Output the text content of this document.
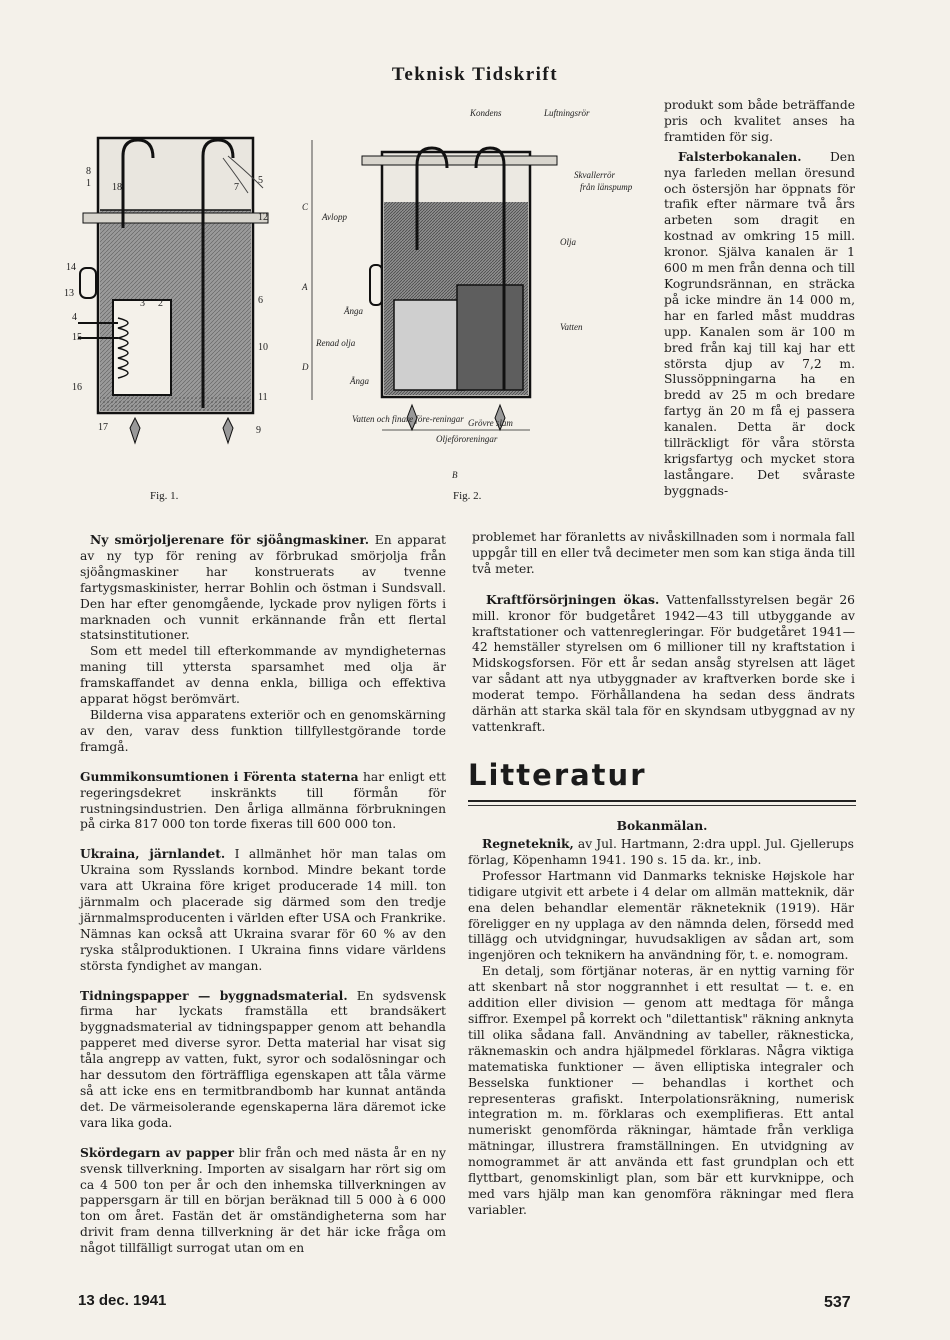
Teknisk Tidskrift
8
1 18	7
5
12
14
13
3 2
4
6
15
10
16
11
17	9
Fig. 1.
Kondens	Luftningsrör
Skvallerrör
från länspump
Avlopp
Olja
Vatten
Ånga
Renad olja
Ånga
Vatten och finare före-reningar Grövre slam
Oljeföroreningar
A
B
C
D
Fig. 2.

produkt som både beträffande pris och kvalitet anses ha framtiden för sig.

Falsterbokanalen. Den nya farleden mellan öresund och östersjön har öppnats för trafik efter närmare två års arbeten som dragit en kostnad av omkring 15 mill. kronor. Själva kanalen är 1 600 m men från denna och till Kogrundsrännan, en sträcka på icke mindre än 14 000 m, har en farled måst muddras upp. Kanalen som är 100 m bred från kaj till kaj har ett största djup av 7,2 m. Slussöppningarna ha en bredd av 25 m och bredare fartyg än 20 m få ej passera kanalen. Detta är dock tillräckligt för våra största krigsfartyg och mycket stora lastångare. Det svåraste byggnads-

problemet har föranletts av nivåskillnaden som i normala fall uppgår till en eller två decimeter men som kan stiga ända till två meter.

Kraftförsörjningen ökas. Vattenfallsstyrelsen begär 26 mill. kronor för budgetåret 1942—43 till utbyggande av kraftstationer och vattenregleringar. För budgetåret 1941—42 hemställer styrelsen om 6 millioner till ny kraftstation i Midskogsforsen. För ett år sedan ansåg styrelsen att läget var sådant att nya utbyggnader av kraftverken borde ske i moderat tempo. Förhållandena ha sedan dess ändrats därhän att starka skäl tala för en skyndsam utbyggnad av ny vattenkraft.

Ny smörjoljerenare för sjöångmaskiner. En apparat av ny typ för rening av förbrukad smörjolja från sjöångmaskiner har konstruerats av tvenne fartygsmaskinister, herrar Bohlin och östman i Sundsvall. Den har efter genomgående, lyckade prov nyligen förts i marknaden och vunnit erkännande från ett flertal statsinstitutioner.

Som ett medel till efterkommande av myndigheternas maning till yttersta sparsamhet med olja är framskaffandet av denna enkla, billiga och effektiva apparat högst berömvärt.

Bilderna visa apparatens exteriör och en genomskärning av den, varav dess funktion tillfyllestgörande torde framgå.

Gummikonsumtionen i Förenta staterna har enligt ett regeringsdekret inskränkts till förmån för rustningsindustrien. Den årliga allmänna förbrukningen på cirka 817 000 ton torde fixeras till 600 000 ton.

Ukraina, järnlandet. I allmänhet hör man talas om Ukraina som Rysslands kornbod. Mindre bekant torde vara att Ukraina före kriget producerade 14 mill. ton järnmalm och placerade sig därmed som den tredje järnmalmsproducenten i världen efter USA och Frankrike. Nämnas kan också att Ukraina svarar för 60 % av den ryska stålproduktionen. I Ukraina finns vidare världens största fyndighet av mangan.

Tidningspapper — byggnadsmaterial. En sydsvensk firma har lyckats framställa ett brandsäkert byggnadsmaterial av tidningspapper genom att behandla papperet med diverse syror. Detta material har visat sig tåla angrepp av vatten, fukt, syror och sodalösningar och har dessutom den förträffliga egenskapen att tåla värme så att icke ens en termitbrandbomb har kunnat antända det. De värmeisolerande egenskaperna lära däremot icke vara lika goda.

Skördegarn av papper blir från och med nästa år en ny svensk tillverkning. Importen av sisalgarn har rört sig om ca 4 500 ton per år och den inhemska tillverkningen av pappersgarn är till en början beräknad till 5 000 à 6 000 ton om året. Fastän det är omständigheterna som har drivit fram denna tillverkning är det här icke fråga om något tillfälligt surrogat utan om en

Litteratur
Bokanmälan.

Regneteknik, av Jul. Hartmann, 2:dra uppl. Jul. Gjellerups förlag, Köpenhamn 1941. 190 s. 15 da. kr., inb.

Professor Hartmann vid Danmarks tekniske Højskole har tidigare utgivit ett arbete i 4 delar om allmän matteknik, där ena delen behandlar elementär räkneteknik (1919). Här föreligger en ny upplaga av den nämnda delen, försedd med tillägg och utvidgningar, huvudsakligen av sådan art, som ingenjören och teknikern ha användning för, t. e. nomogram.

En detalj, som förtjänar noteras, är en nyttig varning för att skenbart nå stor noggrannhet i ett resultat — t. e. en addition eller division — genom att medtaga för många siffror. Exempel på korrekt och "dilettantisk" räkning anknyta till olika sådana fall. Användning av tabeller, räknesticka, räknemaskin och andra hjälpmedel förklaras. Några viktiga matematiska funktioner — även elliptiska integraler och Besselska funktioner — behandlas i korthet och representeras grafiskt. Interpolationsräkning, numerisk integration m. m. förklaras och exemplifieras. Ett antal numeriskt genomförda räkningar, hämtade från verkliga mätningar, illustrera framställningen. En utvidgning av nomogrammet är att använda ett fast grundplan och ett flyttbart, genomskinligt plan, som bär ett kurvknippe, och med vars hjälp man kan genomföra räkningar med flera variabler.

13 dec. 1941	537
